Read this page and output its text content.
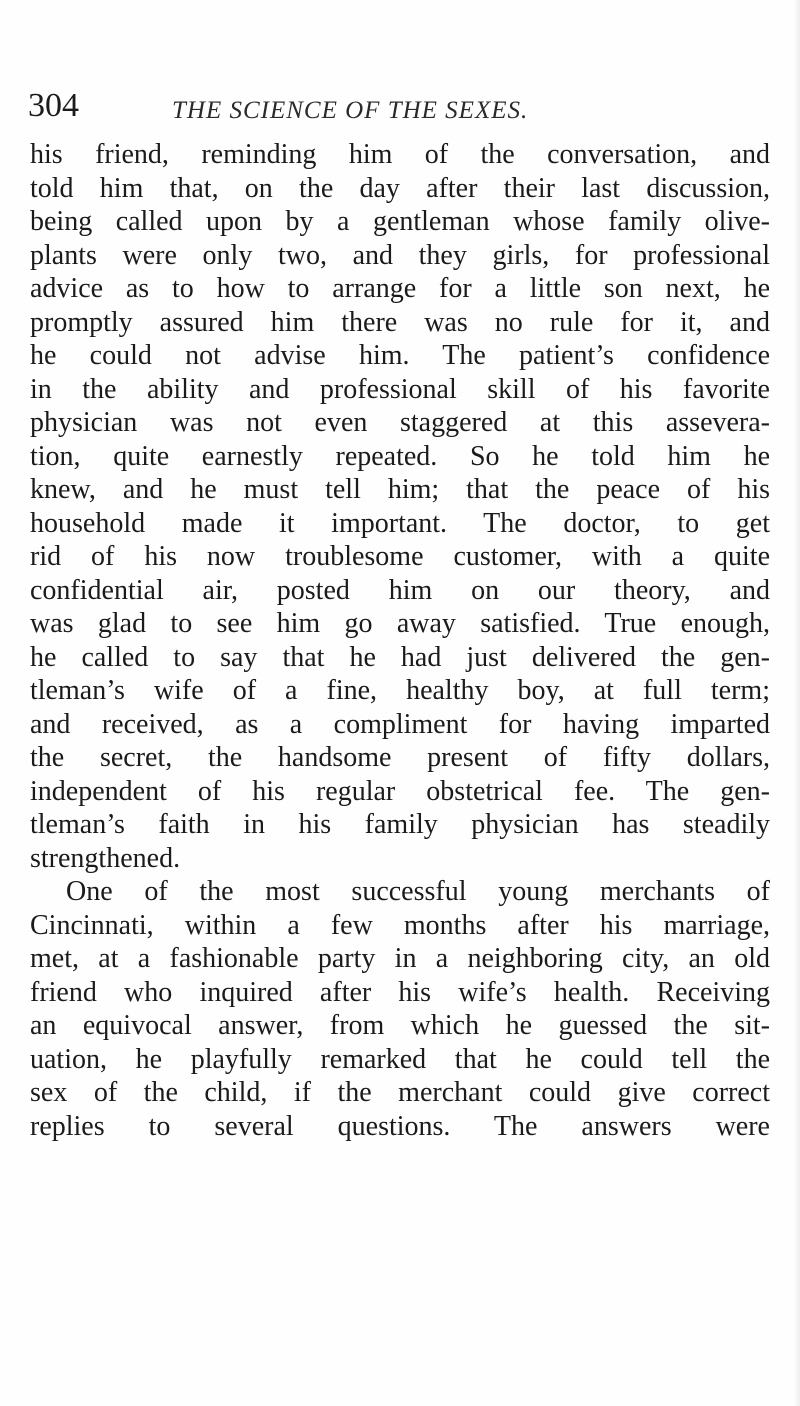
304	THE SCIENCE OF THE SEXES.
his friend, reminding him of the conversation, and
told him that, on the day after their last discussion,
being called upon by a gentleman whose family olive-
plants were only two, and they girls, for professional
advice as to how to arrange for a little son next, he
promptly assured him there was no rule for it, and
he could not advise him. The patient’s confidence
in the ability and professional skill of his favorite
physician was not even staggered at this assevera-
tion, quite earnestly repeated. So he told him he
knew, and he must tell him; that the peace of his
household made it important. The doctor, to get
rid of his now troublesome customer, with a quite
confidential air, posted him on our theory, and
was glad to see him go away satisfied. True enough,
he called to say that he had just delivered the gen-
tleman’s wife of a fine, healthy boy, at full term;
and received, as a compliment for having imparted
the secret, the handsome present of fifty dollars,
independent of his regular obstetrical fee. The gen-
tleman’s faith in his family physician has steadily
strengthened.
One of the most successful young merchants of
Cincinnati, within a few months after his marriage,
met, at a fashionable party in a neighboring city, an old
friend who inquired after his wife’s health. Receiving
an equivocal answer, from which he guessed the sit-
uation, he playfully remarked that he could tell the
sex of the child, if the merchant could give correct
replies to several questions. The answers were
